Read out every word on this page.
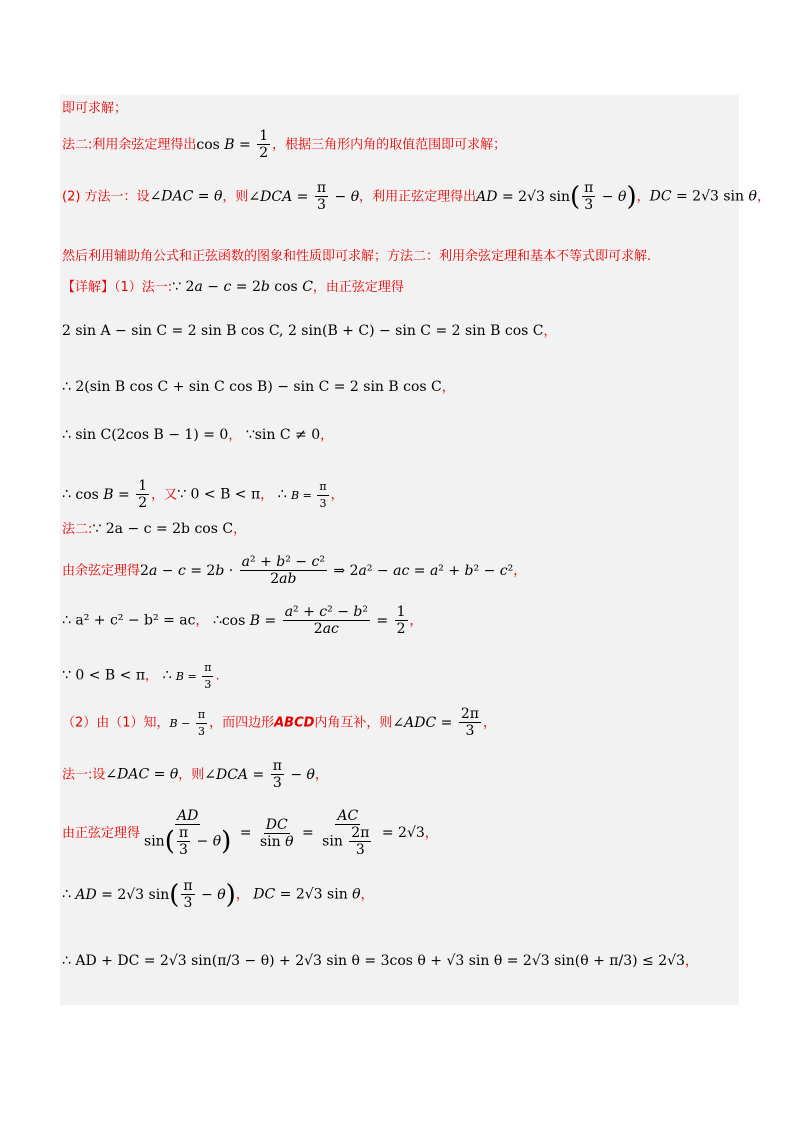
即可求解；
法二:利用余弦定理得出$\cos B = \frac{1}{2}$ ，根据三角形内角的取值范围即可求解；
(2) 方法一：设∠DAC = θ，则∠DCA = $\frac{\pi}{3} - \theta$，利用正弦定理得出AD = 2√3 $\sin( \frac{\pi}{3} - \theta)$，DC = 2√3 sin θ，
然后利用辅助角公式和正弦函数的图象和性质即可求解；方法二：利用余弦定理和基本不等式即可求解.
【详解】（1）法一:∵ 2a − c = 2b cos C，由正弦定理得
2 sin A − sin C = 2 sin B cos C, 2 sin(B + C) − sin C = 2 sin B cos C，
∴ 2(sin B cos C + sin C cos B) − sin C = 2 sin B cos C，
∴ sin C(2cos B − 1) = 0， ∵sin C ≠ 0，
∴ $\cos B = \frac{1}{2}$ ，又∵ 0 < B < π， ∴ $B = \frac{\pi}{3}$ ，
法二:∵ 2a − c = 2b cos C，
由余弦定理得$2a - c = 2b \cdot \frac{\text{a² + b² − c²}}{2ab}$ ⇒ 2a² − ac = a² + b² − c²，
∴ a² + c² − b² = ac， ∴cos $B = \frac{\text{a² + c² − b²}}{2ac} = \frac{1}{2}$ ，
∵ 0 < B < π， ∴ $B = \frac{\pi}{3}$ .
（2）由（1）知，$B - \frac{\pi}{3}$ ，而四边形ABCD内角互补，则∠ADC = $\frac{2\pi}{3}$ ，
法一:设∠DAC = θ，则∠DCA = $\frac{\pi}{3} - \theta$，
由正弦定理得 $\frac{AD}{\sin( \frac{\pi}{3} - \theta)} = \frac{DC}{\text{sin θ}} = \frac{AC}{\sin \frac{2\pi}{3}} = 2√3$，
∴ AD = 2√3 $\sin( \frac{\pi}{3} - \theta)$， DC = 2√3 sin θ，
∴ AD + DC = 2√3 sin(π/3 − θ) + 2√3 sin θ = 3cos θ + √3 sin θ = 2√3 sin(θ + π/3) ≤ 2√3，
